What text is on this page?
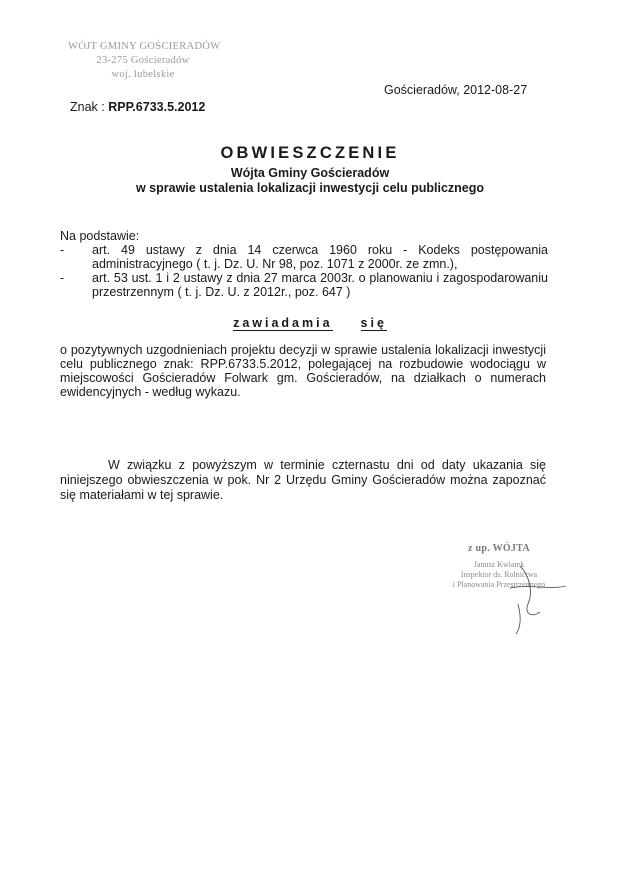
WÓJT GMINY GOŚCIERADÓW
23-275 Gościeradów
woj. lubelskie
Gościeradów, 2012-08-27
Znak : RPP.6733.5.2012
OBWIESZCZENIE
Wójta Gminy Gościeradów
w sprawie ustalenia lokalizacji inwestycji celu publicznego
Na podstawie:
- art. 49 ustawy z dnia 14 czerwca 1960 roku - Kodeks postępowania administracyjnego ( t. j. Dz. U. Nr 98, poz. 1071 z 2000r. ze zmn.),
- art. 53 ust. 1 i 2 ustawy z dnia 27 marca 2003r. o planowaniu i zagospodarowaniu przestrzennym ( t. j. Dz. U. z 2012r., poz. 647 )
zawiadamia się
o pozytywnych uzgodnieniach projektu decyzji w sprawie ustalenia lokalizacji inwestycji celu publicznego znak: RPP.6733.5.2012, polegającej na rozbudowie wodociągu w miejscowości Gościeradów Folwark gm. Gościeradów, na działkach o numerach ewidencyjnych - według wykazu.
W związku z powyższym w terminie czternastu dni od daty ukazania się niniejszego obwieszczenia w pok. Nr 2 Urzędu Gminy Gościeradów można zapoznać się materiałami w tej sprawie.
z up. WÓJTA
Janusz Kwiatek
Inspektor ds. Rolnictwa
i Planowania Przestrzennego
